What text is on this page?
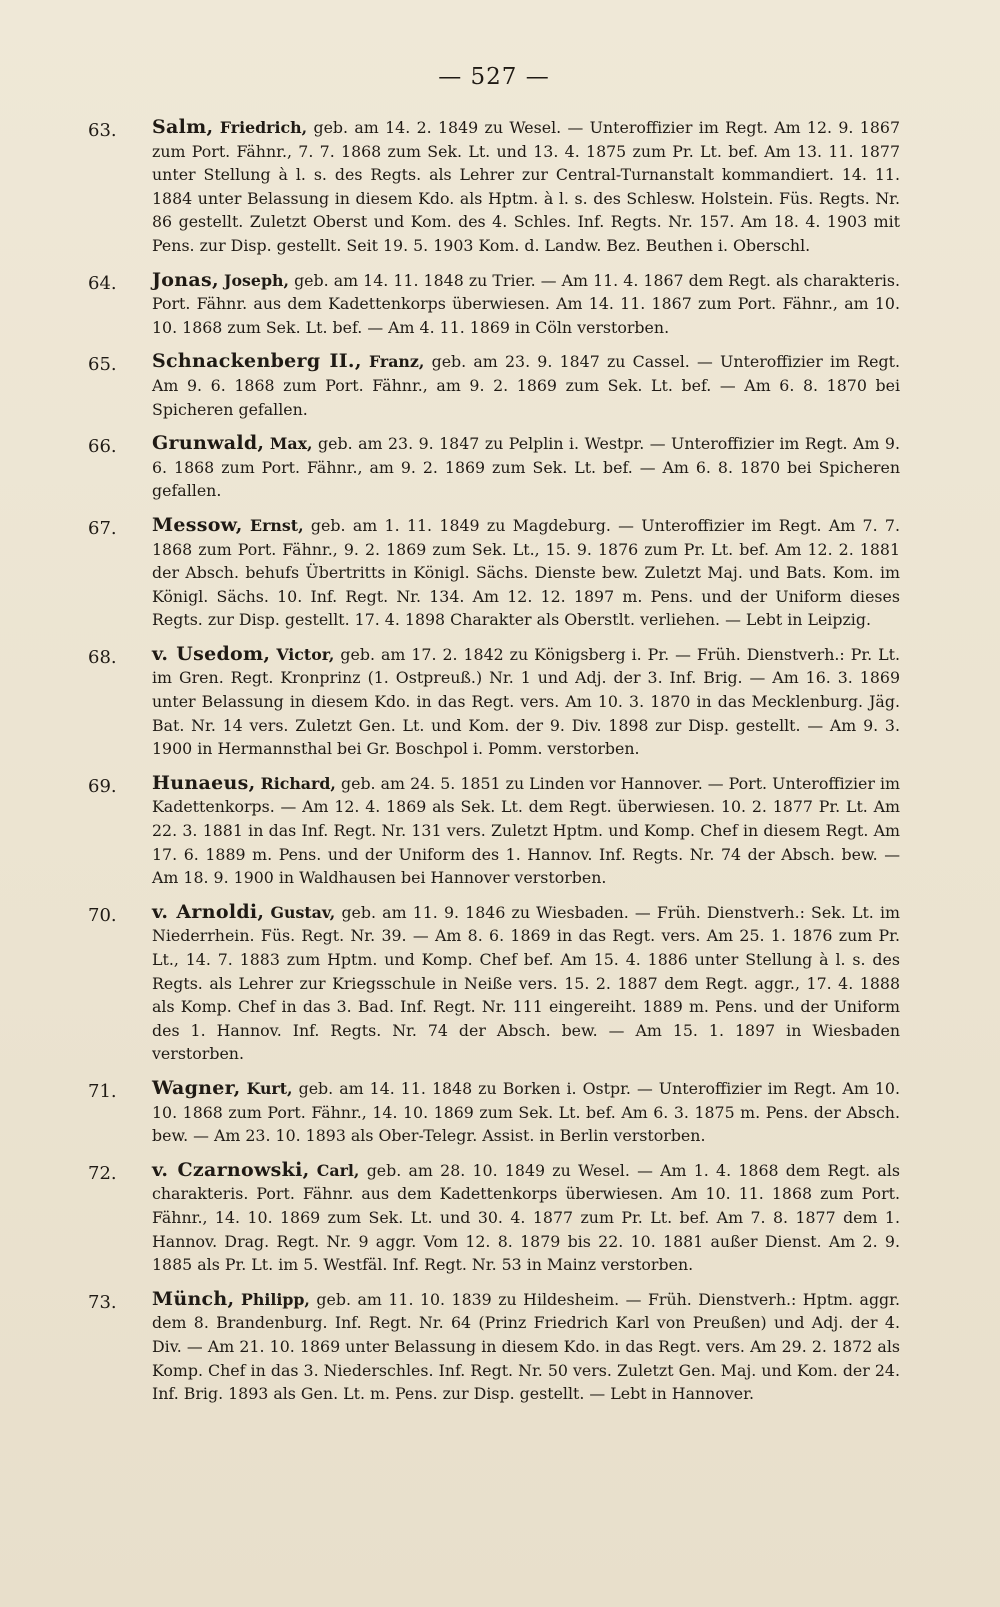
— 527 —
63.	Salm, Friedrich, geb. am 14. 2. 1849 zu Wesel. — Unteroffizier im Regt. Am 12. 9. 1867 zum Port. Fähnr., 7. 7. 1868 zum Sek. Lt. und 13. 4. 1875 zum Pr. Lt. bef. Am 13. 11. 1877 unter Stellung à l. s. des Regts. als Lehrer zur Central-Turnanstalt kommandiert. 14. 11. 1884 unter Belassung in diesem Kdo. als Hptm. à l. s. des Schlesw. Holstein. Füs. Regts. Nr. 86 gestellt. Zuletzt Oberst und Kom. des 4. Schles. Inf. Regts. Nr. 157. Am 18. 4. 1903 mit Pens. zur Disp. gestellt. Seit 19. 5. 1903 Kom. d. Landw. Bez. Beuthen i. Oberschl.
64.	Jonas, Joseph, geb. am 14. 11. 1848 zu Trier. — Am 11. 4. 1867 dem Regt. als charakteris. Port. Fähnr. aus dem Kadettenkorps überwiesen. Am 14. 11. 1867 zum Port. Fähnr., am 10. 10. 1868 zum Sek. Lt. bef. — Am 4. 11. 1869 in Cöln verstorben.
65.	Schnackenberg II., Franz, geb. am 23. 9. 1847 zu Cassel. — Unteroffizier im Regt. Am 9. 6. 1868 zum Port. Fähnr., am 9. 2. 1869 zum Sek. Lt. bef. — Am 6. 8. 1870 bei Spicheren gefallen.
66.	Grunwald, Max, geb. am 23. 9. 1847 zu Pelplin i. Westpr. — Unteroffizier im Regt. Am 9. 6. 1868 zum Port. Fähnr., am 9. 2. 1869 zum Sek. Lt. bef. — Am 6. 8. 1870 bei Spicheren gefallen.
67.	Messow, Ernst, geb. am 1. 11. 1849 zu Magdeburg. — Unteroffizier im Regt. Am 7. 7. 1868 zum Port. Fähnr., 9. 2. 1869 zum Sek. Lt., 15. 9. 1876 zum Pr. Lt. bef. Am 12. 2. 1881 der Absch. behufs Übertritts in Königl. Sächs. Dienste bew. Zuletzt Maj. und Bats. Kom. im Königl. Sächs. 10. Inf. Regt. Nr. 134. Am 12. 12. 1897 m. Pens. und der Uniform dieses Regts. zur Disp. gestellt. 17. 4. 1898 Charakter als Oberstlt. verliehen. — Lebt in Leipzig.
68.	v. Usedom, Victor, geb. am 17. 2. 1842 zu Königsberg i. Pr. — Früh. Dienstverh.: Pr. Lt. im Gren. Regt. Kronprinz (1. Ostpreuß.) Nr. 1 und Adj. der 3. Inf. Brig. — Am 16. 3. 1869 unter Belassung in diesem Kdo. in das Regt. vers. Am 10. 3. 1870 in das Mecklenburg. Jäg. Bat. Nr. 14 vers. Zuletzt Gen. Lt. und Kom. der 9. Div. 1898 zur Disp. gestellt. — Am 9. 3. 1900 in Hermannsthal bei Gr. Boschpol i. Pomm. verstorben.
69.	Hunaeus, Richard, geb. am 24. 5. 1851 zu Linden vor Hannover. — Port. Unteroffizier im Kadettenkorps. — Am 12. 4. 1869 als Sek. Lt. dem Regt. überwiesen. 10. 2. 1877 Pr. Lt. Am 22. 3. 1881 in das Inf. Regt. Nr. 131 vers. Zuletzt Hptm. und Komp. Chef in diesem Regt. Am 17. 6. 1889 m. Pens. und der Uniform des 1. Hannov. Inf. Regts. Nr. 74 der Absch. bew. — Am 18. 9. 1900 in Waldhausen bei Hannover verstorben.
70.	v. Arnoldi, Gustav, geb. am 11. 9. 1846 zu Wiesbaden. — Früh. Dienstverh.: Sek. Lt. im Niederrhein. Füs. Regt. Nr. 39. — Am 8. 6. 1869 in das Regt. vers. Am 25. 1. 1876 zum Pr. Lt., 14. 7. 1883 zum Hptm. und Komp. Chef bef. Am 15. 4. 1886 unter Stellung à l. s. des Regts. als Lehrer zur Kriegsschule in Neiße vers. 15. 2. 1887 dem Regt. aggr., 17. 4. 1888 als Komp. Chef in das 3. Bad. Inf. Regt. Nr. 111 eingereiht. 1889 m. Pens. und der Uniform des 1. Hannov. Inf. Regts. Nr. 74 der Absch. bew. — Am 15. 1. 1897 in Wiesbaden verstorben.
71.	Wagner, Kurt, geb. am 14. 11. 1848 zu Borken i. Ostpr. — Unteroffizier im Regt. Am 10. 10. 1868 zum Port. Fähnr., 14. 10. 1869 zum Sek. Lt. bef. Am 6. 3. 1875 m. Pens. der Absch. bew. — Am 23. 10. 1893 als Ober-Telegr. Assist. in Berlin verstorben.
72.	v. Czarnowski, Carl, geb. am 28. 10. 1849 zu Wesel. — Am 1. 4. 1868 dem Regt. als charakteris. Port. Fähnr. aus dem Kadettenkorps überwiesen. Am 10. 11. 1868 zum Port. Fähnr., 14. 10. 1869 zum Sek. Lt. und 30. 4. 1877 zum Pr. Lt. bef. Am 7. 8. 1877 dem 1. Hannov. Drag. Regt. Nr. 9 aggr. Vom 12. 8. 1879 bis 22. 10. 1881 außer Dienst. Am 2. 9. 1885 als Pr. Lt. im 5. Westfäl. Inf. Regt. Nr. 53 in Mainz verstorben.
73.	Münch, Philipp, geb. am 11. 10. 1839 zu Hildesheim. — Früh. Dienstverh.: Hptm. aggr. dem 8. Brandenburg. Inf. Regt. Nr. 64 (Prinz Friedrich Karl von Preußen) und Adj. der 4. Div. — Am 21. 10. 1869 unter Belassung in diesem Kdo. in das Regt. vers. Am 29. 2. 1872 als Komp. Chef in das 3. Niederschles. Inf. Regt. Nr. 50 vers. Zuletzt Gen. Maj. und Kom. der 24. Inf. Brig. 1893 als Gen. Lt. m. Pens. zur Disp. gestellt. — Lebt in Hannover.
